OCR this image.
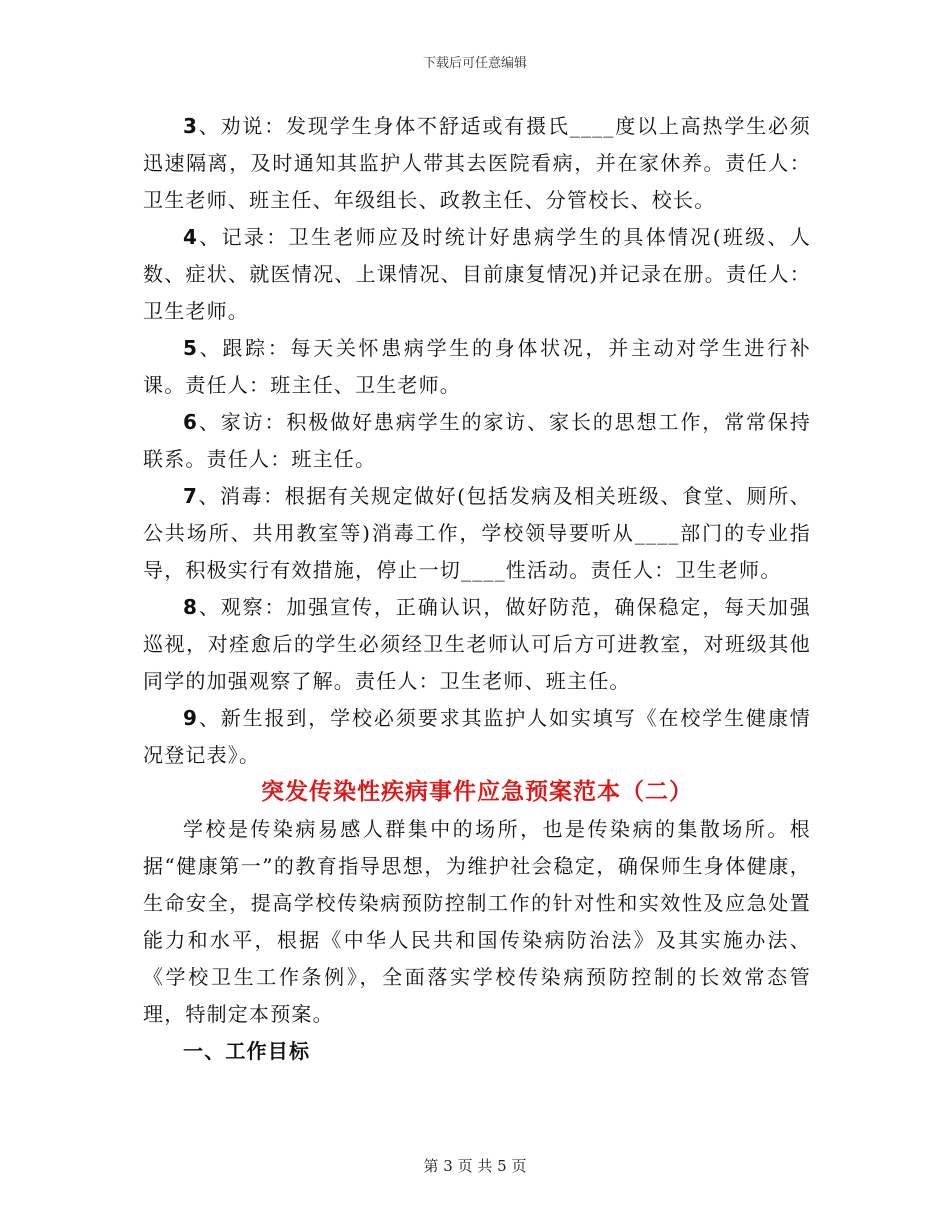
下载后可任意编辑

3、劝说：发现学生身体不舒适或有摄氏____度以上高热学生必须迅速隔离，及时通知其监护人带其去医院看病，并在家休养。责任人：卫生老师、班主任、年级组长、政教主任、分管校长、校长。

4、记录：卫生老师应及时统计好患病学生的具体情况(班级、人数、症状、就医情况、上课情况、目前康复情况)并记录在册。责任人：卫生老师。

5、跟踪：每天关怀患病学生的身体状况，并主动对学生进行补课。责任人：班主任、卫生老师。

6、家访：积极做好患病学生的家访、家长的思想工作，常常保持联系。责任人：班主任。

7、消毒：根据有关规定做好(包括发病及相关班级、食堂、厕所、公共场所、共用教室等)消毒工作，学校领导要听从____部门的专业指导，积极实行有效措施，停止一切____性活动。责任人：卫生老师。

8、观察：加强宣传，正确认识，做好防范，确保稳定，每天加强巡视，对痊愈后的学生必须经卫生老师认可后方可进教室，对班级其他同学的加强观察了解。责任人：卫生老师、班主任。

9、新生报到，学校必须要求其监护人如实填写《在校学生健康情况登记表》。

突发传染性疾病事件应急预案范本（二）

学校是传染病易感人群集中的场所，也是传染病的集散场所。根据“健康第一”的教育指导思想，为维护社会稳定，确保师生身体健康，生命安全，提高学校传染病预防控制工作的针对性和实效性及应急处置能力和水平，根据《中华人民共和国传染病防治法》及其实施办法、《学校卫生工作条例》，全面落实学校传染病预防控制的长效常态管理，特制定本预案。

一、工作目标
第 3 页 共 5 页
